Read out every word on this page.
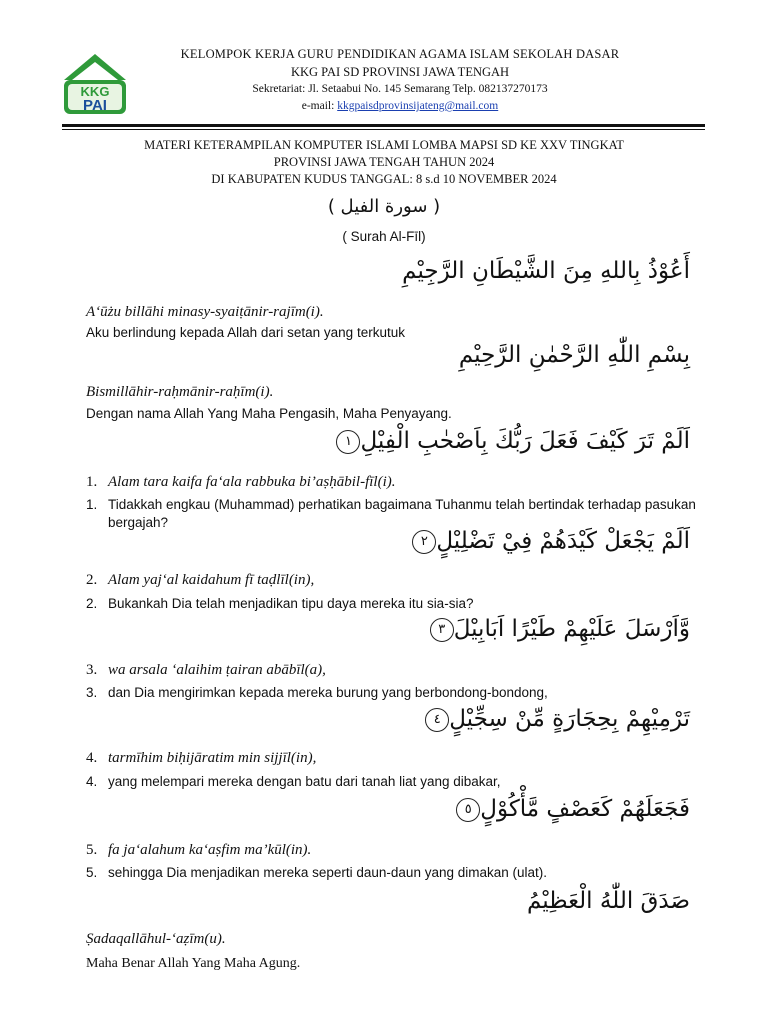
KKG
PAI
KELOMPOK KERJA GURU PENDIDIKAN AGAMA ISLAM SEKOLAH DASAR
KKG PAI SD PROVINSI JAWA TENGAH
Sekretariat: Jl. Setaabui No. 145 Semarang Telp. 082137270173
e-mail: kkgpaisdprovinsijateng@mail.com
MATERI KETERAMPILAN KOMPUTER ISLAMI LOMBA MAPSI SD KE XXV TINGKAT
PROVINSI JAWA TENGAH TAHUN 2024
DI KABUPATEN KUDUS TANGGAL: 8 s.d 10 NOVEMBER 2024
( سورة الفيل )
( Surah Al-Fīl)
أَعُوْذُ بِاللهِ مِنَ الشَّيْطَانِ الرَّجِيْمِ
A‘ūżu billāhi minasy-syaiṭānir-rajīm(i).
Aku berlindung kepada Allah dari setan yang terkutuk
بِسْمِ اللّٰهِ الرَّحْمٰنِ الرَّحِيْمِ
Bismillāhir-raḥmānir-raḥīm(i).
Dengan nama Allah Yang Maha Pengasih, Maha Penyayang.
اَلَمْ تَرَ كَيْفَ فَعَلَ رَبُّكَ بِاَصْحٰبِ الْفِيْلِ١
1. Alam tara kaifa fa‘ala rabbuka bi’aṣḥābil-fīl(i).
1. Tidakkah engkau (Muhammad) perhatikan bagaimana Tuhanmu telah bertindak terhadap pasukan bergajah?
اَلَمْ يَجْعَلْ كَيْدَهُمْ فِيْ تَضْلِيْلٍ٢
2. Alam yaj‘al kaidahum fī taḍlīl(in),
2. Bukankah Dia telah menjadikan tipu daya mereka itu sia-sia?
وَّاَرْسَلَ عَلَيْهِمْ طَيْرًا اَبَابِيْلَ٣
3. wa arsala ‘alaihim ṭairan abābīl(a),
3. dan Dia mengirimkan kepada mereka burung yang berbondong-bondong,
تَرْمِيْهِمْ بِحِجَارَةٍ مِّنْ سِجِّيْلٍ٤
4. tarmīhim biḥijāratim min sijjīl(in),
4. yang melempari mereka dengan batu dari tanah liat yang dibakar,
فَجَعَلَهُمْ كَعَصْفٍ مَّأْكُوْلٍ٥
5. fa ja‘alahum ka‘aṣfim ma’kūl(in).
5. sehingga Dia menjadikan mereka seperti daun-daun yang dimakan (ulat).
صَدَقَ اللّٰهُ الْعَظِيْمُ
Ṣadaqallāhul-‘aẓīm(u).
Maha Benar Allah Yang Maha Agung.
